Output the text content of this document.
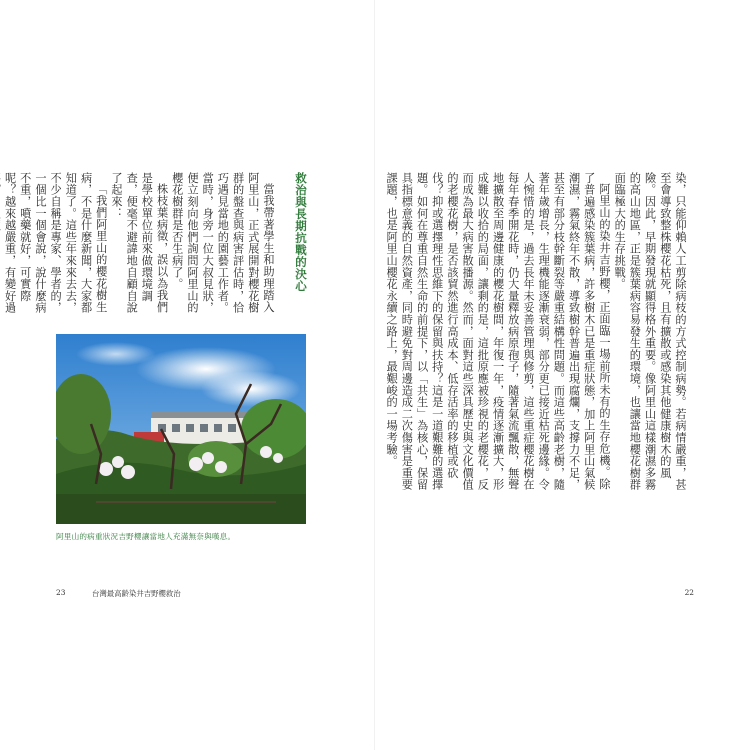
染，只能仰賴人工剪除病枝的方式控制病勢。若病情嚴重，甚至會導致整株櫻花枯死，且有擴散或感染其他健康樹木的風險。因此，早期發現就顯得格外重要。像阿里山這樣潮濕多霧的高山地區，正是簇葉病容易發生的環境，也讓當地櫻花樹群面臨極大的生存挑戰。

阿里山的染井吉野櫻，正面臨一場前所未有的生存危機。除了普遍感染簇葉病，許多樹木已是重症狀態，加上阿里山氣候潮濕，霧氣終年不散，導致樹幹普遍出現腐爛，支撐力不足，甚至有部分枝幹斷裂等嚴重結構性問題。而這些高齡老樹，隨著年歲增長，生理機能逐漸衰弱，部分更已接近枯死邊緣。令人惋惜的是，過去長年未妥善管理與修剪，這些重症櫻花樹在每年春季開花時，仍大量釋放病原孢子，隨著氣流飄散，無聲地擴散至周邊健康的櫻花樹間，年復一年，疫情逐漸擴大，形成難以收拾的局面，讓剩的是，這批原應被珍視的老櫻花，反而成為最大病害散播源。然而，面對這些深具歷史與文化價值的老櫻花樹，是否該貿然進行高成本、低存活率的移植或砍伐？抑或選擇理性思維下的保留與扶持？這是一道艱難的選擇題。如何在尊重自然生命的前提下，以「共生」為核心，保留具指標意義的自然資產，同時避免對周邊造成二次傷害是重要課題，也是阿里山櫻花永續之路上，最艱峻的一場考驗。

22
救治與長期抗戰的決心

當我帶著學生和助理踏入阿里山，正式展開對櫻花樹群的盤查與病害評估時，恰巧遇見當地的園藝工作者。當時，身旁一位大叔見狀，便立刻向他們詢問阿里山的櫻花樹群是否生病了。

株枝葉病徵，誤以為我們是學校單位前來做環境調查，便毫不避諱地自顧自說了起來：

「我們阿里山的櫻花樹生病，不是什麼新聞，大家都知道了。這些年來來去去，不少自稱是專家、學者的，一個比一個會說，說什麼病不重，噴藥就好，可實際呢？越來越嚴重，有變好過

阿里山的病重狀況吉野櫻讓當地人充滿無奈與嘆息。
23	台灣最高齡染井吉野櫻救治
